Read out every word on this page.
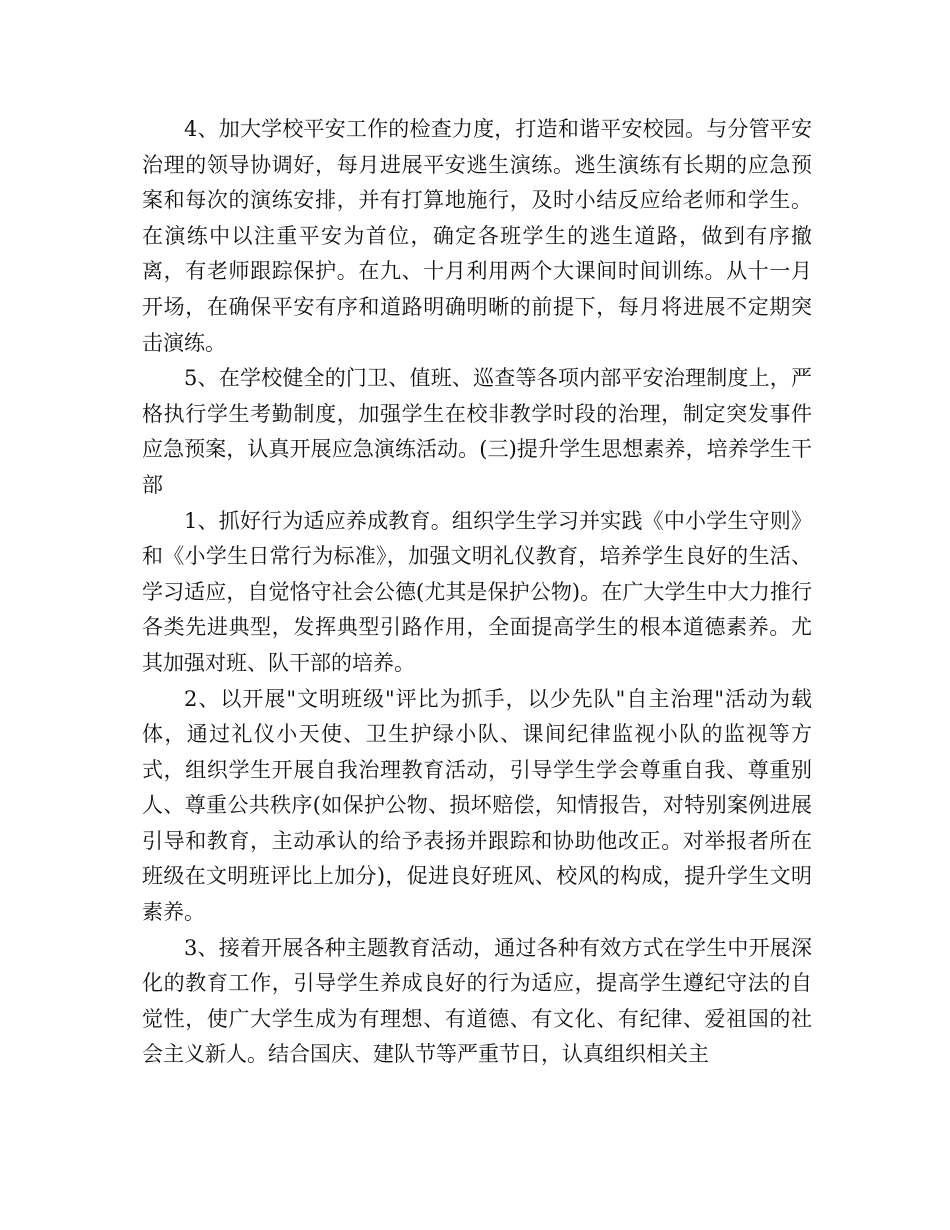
4、加大学校平安工作的检查力度，打造和谐平安校园。与分管平安治理的领导协调好，每月进展平安逃生演练。逃生演练有长期的应急预案和每次的演练安排，并有打算地施行，及时小结反应给老师和学生。在演练中以注重平安为首位，确定各班学生的逃生道路，做到有序撤离，有老师跟踪保护。在九、十月利用两个大课间时间训练。从十一月开场，在确保平安有序和道路明确明晰的前提下，每月将进展不定期突击演练。

5、在学校健全的门卫、值班、巡查等各项内部平安治理制度上，严格执行学生考勤制度，加强学生在校非教学时段的治理，制定突发事件应急预案，认真开展应急演练活动。(三)提升学生思想素养，培养学生干部

1、抓好行为适应养成教育。组织学生学习并实践《中小学生守则》和《小学生日常行为标准》，加强文明礼仪教育，培养学生良好的生活、学习适应，自觉恪守社会公德(尤其是保护公物)。在广大学生中大力推行各类先进典型，发挥典型引路作用，全面提高学生的根本道德素养。尤其加强对班、队干部的培养。

2、以开展"文明班级"评比为抓手，以少先队"自主治理"活动为载体，通过礼仪小天使、卫生护绿小队、课间纪律监视小队的监视等方式，组织学生开展自我治理教育活动，引导学生学会尊重自我、尊重别人、尊重公共秩序(如保护公物、损坏赔偿，知情报告，对特别案例进展引导和教育，主动承认的给予表扬并跟踪和协助他改正。对举报者所在班级在文明班评比上加分)，促进良好班风、校风的构成，提升学生文明素养。

3、接着开展各种主题教育活动，通过各种有效方式在学生中开展深化的教育工作，引导学生养成良好的行为适应，提高学生遵纪守法的自觉性，使广大学生成为有理想、有道德、有文化、有纪律、爱祖国的社会主义新人。结合国庆、建队节等严重节日，认真组织相关主
